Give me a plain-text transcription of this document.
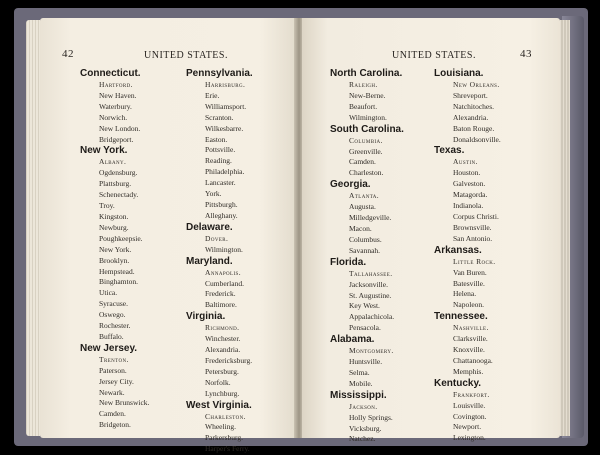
42	UNITED STATES.
Connecticut.
Hartford.
New Haven.
Waterbury.
Norwich.
New London.
Bridgeport.
New York.
Albany.
Ogdensburg.
Plattsburg.
Schenectady.
Troy.
Kingston.
Newburg.
Poughkeepsie.
New York.
Brooklyn.
Hempstead.
Binghamton.
Utica.
Syracuse.
Oswego.
Rochester.
Buffalo.
New Jersey.
Trenton.
Paterson.
Jersey City.
Newark.
New Brunswick.
Camden.
Bridgeton.
Pennsylvania.
Harrisburg.
Erie.
Williamsport.
Scranton.
Wilkesbarre.
Easton.
Pottsville.
Reading.
Philadelphia.
Lancaster.
York.
Pittsburgh.
Alleghany.
Delaware.
Dover.
Wilmington.
Maryland.
Annapolis.
Cumberland.
Frederick.
Baltimore.
Virginia.
Richmond.
Winchester.
Alexandria.
Fredericksburg.
Petersburg.
Norfolk.
Lynchburg.
West Virginia.
Charleston.
Wheeling.
Parkersburg.
Harper's Ferry.
UNITED STATES.	43
North Carolina.
Raleigh.
New-Berne.
Beaufort.
Wilmington.
South Carolina.
Columbia.
Greenville.
Camden.
Charleston.
Georgia.
Atlanta.
Augusta.
Milledgeville.
Macon.
Columbus.
Savannah.
Florida.
Tallahassee.
Jacksonville.
St. Augustine.
Key West.
Appalachicola.
Pensacola.
Alabama.
Montgomery.
Huntsville.
Selma.
Mobile.
Mississippi.
Jackson.
Holly Springs.
Vicksburg.
Natchez.
Louisiana.
New Orleans.
Shreveport.
Natchitoches.
Alexandria.
Baton Rouge.
Donaldsonville.
Texas.
Austin.
Houston.
Galveston.
Matagorda.
Indianola.
Corpus Christi.
Brownsville.
San Antonio.
Arkansas.
Little Rock.
Van Buren.
Batesville.
Helena.
Napoleon.
Tennessee.
Nashville.
Clarksville.
Knoxville.
Chattanooga.
Memphis.
Kentucky.
Frankfort.
Louisville.
Covington.
Newport.
Lexington.
